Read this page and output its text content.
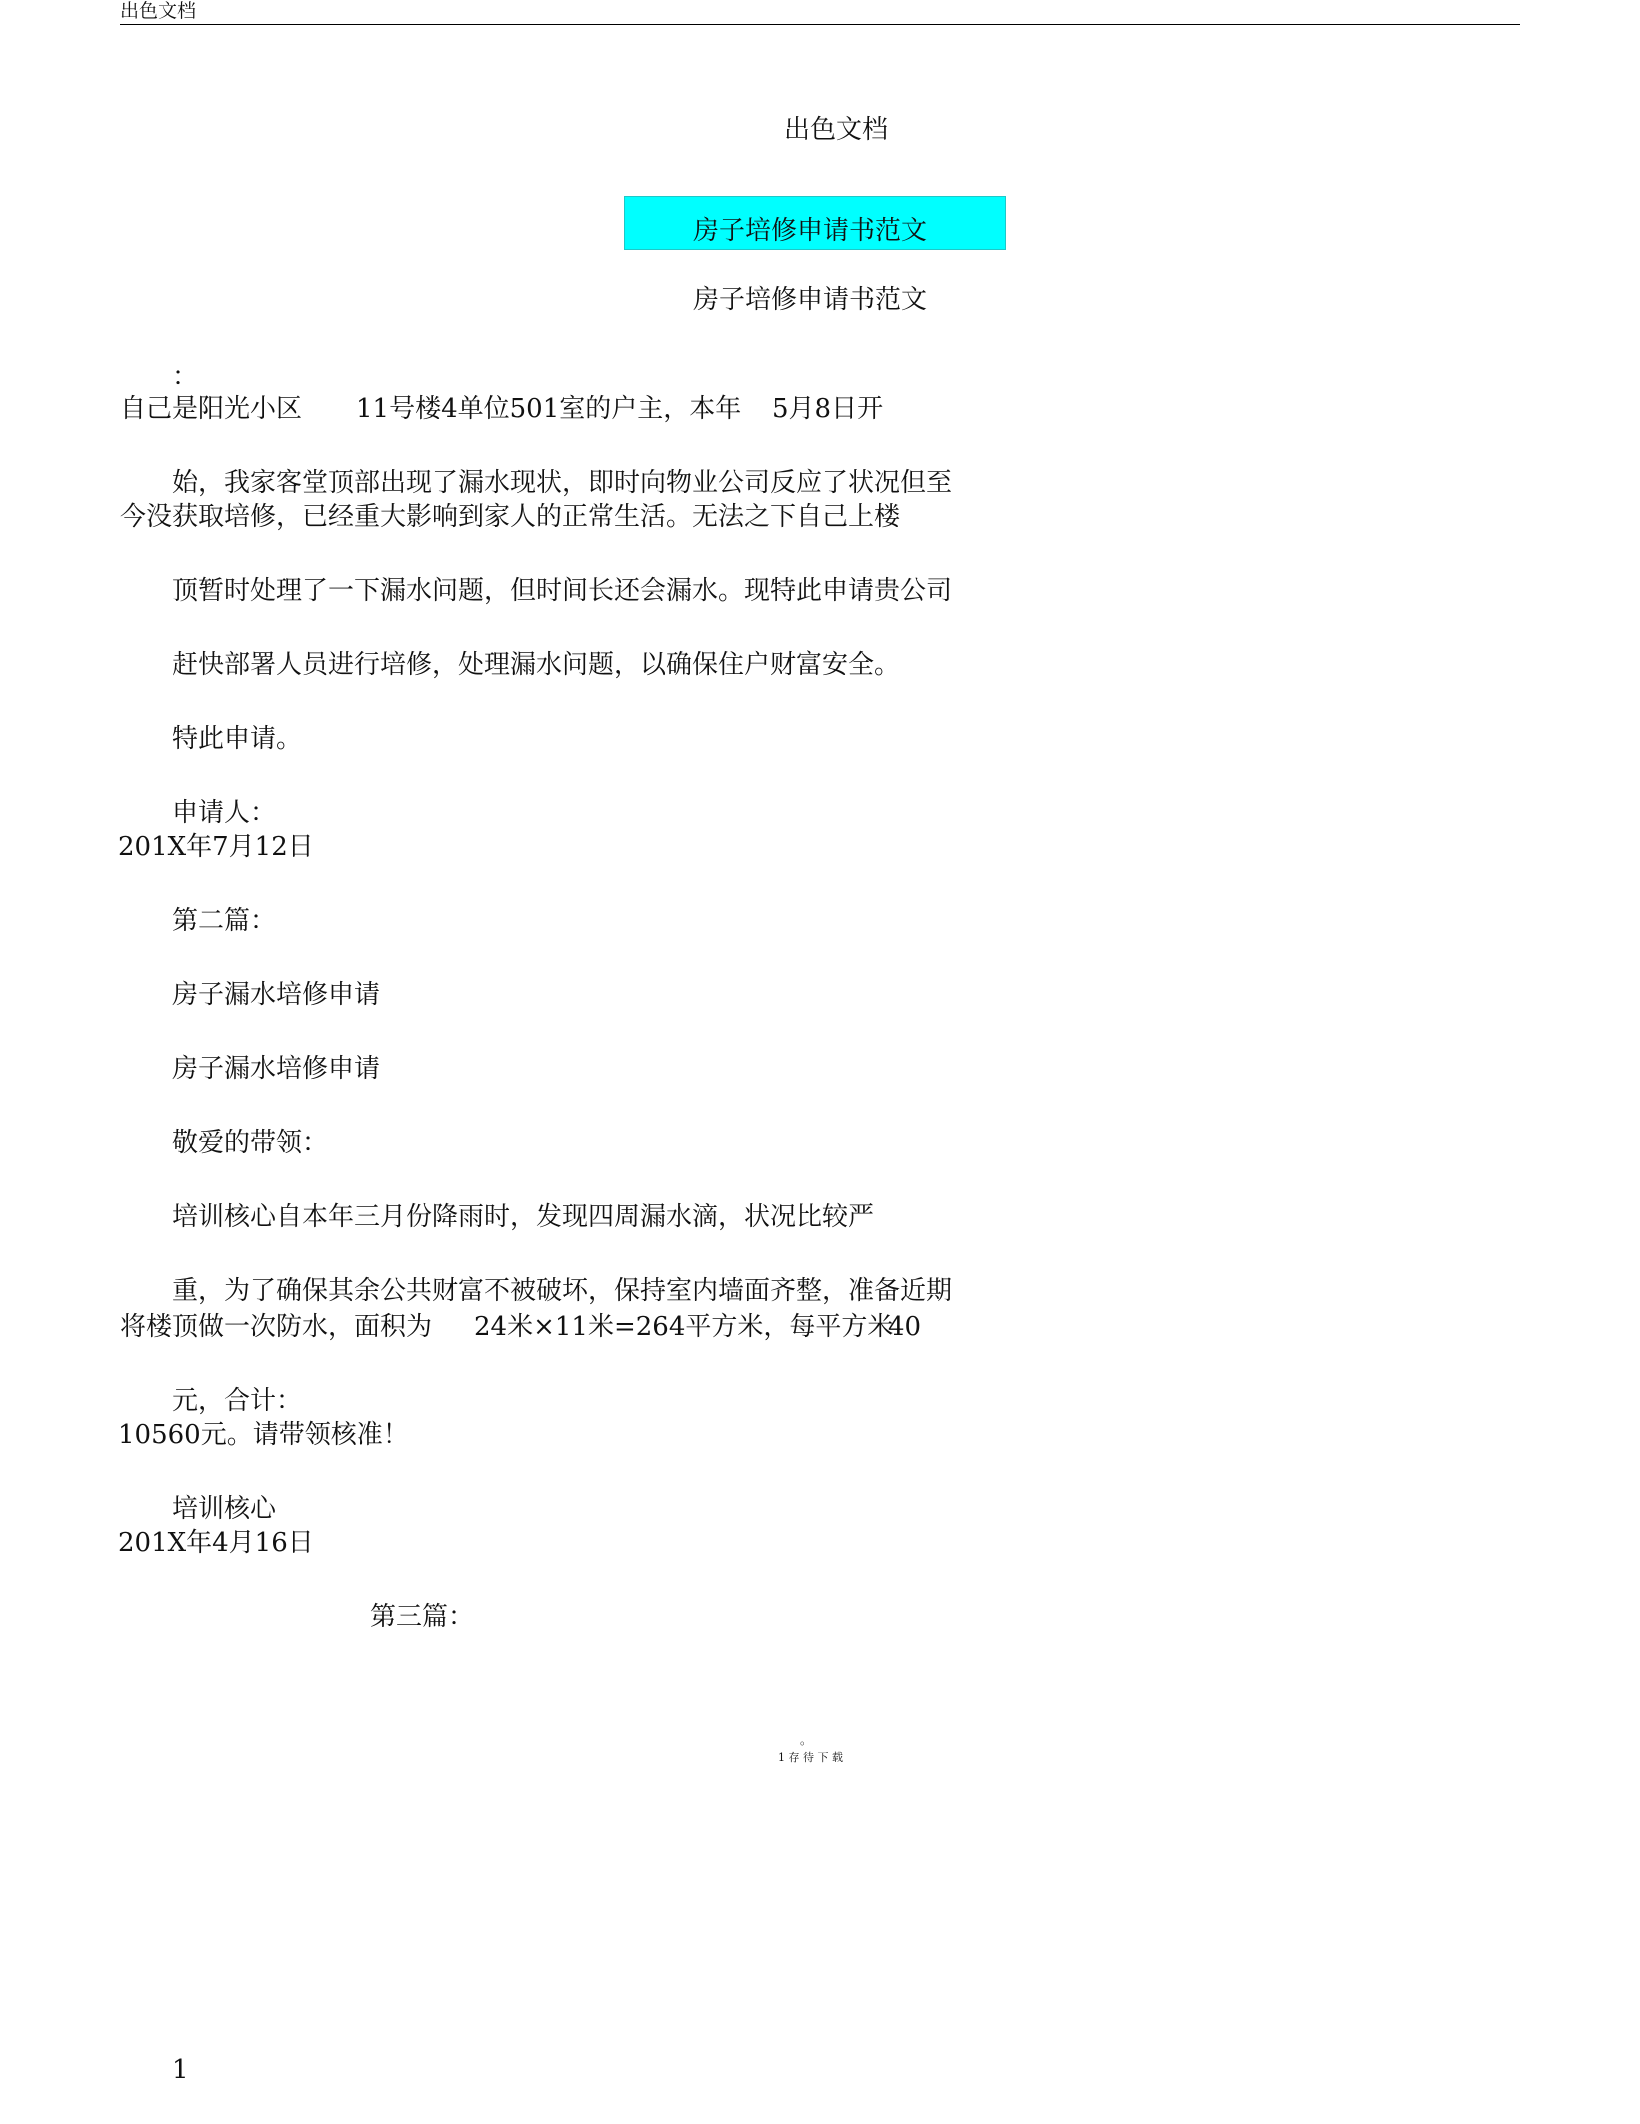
出色文档
出色文档
房子培修申请书范文
房子培修申请书范文
：
自己是阳光小区 11号楼4单位501室的户主，本年 5月8日开
始，我家客堂顶部出现了漏水现状，即时向物业公司反应了状况但至
今没获取培修，已经重大影响到家人的正常生活。无法之下自己上楼
顶暂时处理了一下漏水问题，但时间长还会漏水。现特此申请贵公司
赶快部署人员进行培修，处理漏水问题，以确保住户财富安全。
特此申请。
申请人：
201X年7月12日
第二篇：
房子漏水培修申请
房子漏水培修申请
敬爱的带领：
培训核心自本年三月份降雨时，发现四周漏水滴，状况比较严
重，为了确保其余公共财富不被破坏，保持室内墙面齐整，准备近期
将楼顶做一次防水，面积为 24米×11米=264平方米，每平方米
40
元，合计：
10560元。请带领核准！
培训核心
201X年4月16日
第三篇：
。
1 存 待 下 载
1
